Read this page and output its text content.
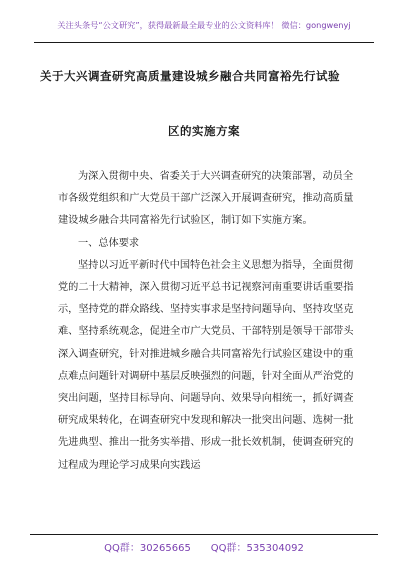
关注头条号“公文研究”，获得最新最全最专业的公文资料库！ 微信：gongwenyj
关于大兴调查研究高质量建设城乡融合共同富裕先行试验
区的实施方案

为深入贯彻中央、省委关于大兴调查研究的决策部署，动员全市各级党组织和广大党员干部广泛深入开展调查研究，推动高质量建设城乡融合共同富裕先行试验区，制订如下实施方案。

一、总体要求

坚持以习近平新时代中国特色社会主义思想为指导，全面贯彻党的二十大精神，深入贯彻习近平总书记视察河南重要讲话重要指示，坚持党的群众路线、坚持实事求是坚持问题导向、坚持攻坚克难、坚持系统观念，促进全市广大党员、干部特别是领导干部带头深入调查研究，针对推进城乡融合共同富裕先行试验区建设中的重点难点问题针对调研中基层反映强烈的问题，针对全面从严治党的突出问题，坚持目标导向、问题导向、效果导向相统一，抓好调查研究成果转化，在调查研究中发现和解决一批突出问题、选树一批先进典型、推出一批务实举措、形成一批长效机制，使调查研究的过程成为理论学习成果向实践运

QQ群：30265665　　QQ群：535304092
